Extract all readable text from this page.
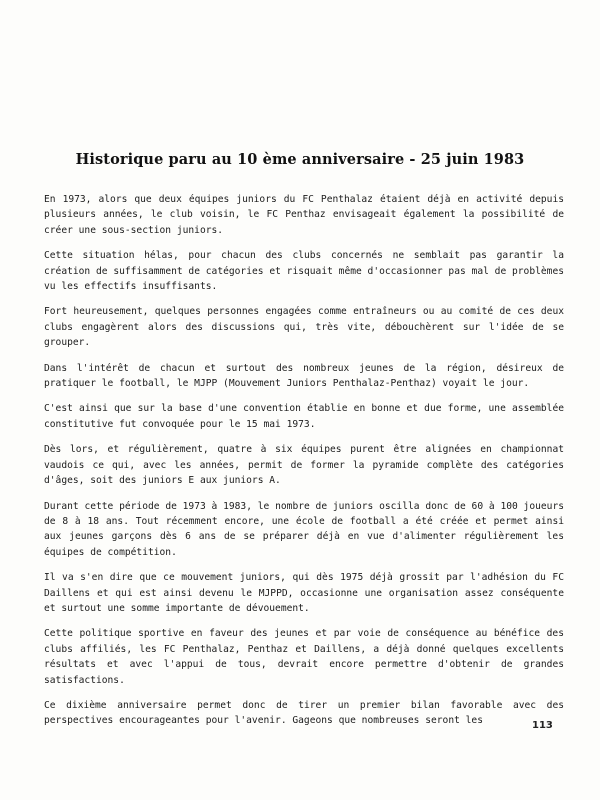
Historique paru au 10 ème anniversaire - 25 juin 1983

En 1973, alors que deux équipes juniors du FC Penthalaz étaient déjà en activité depuis plusieurs années, le club voisin, le FC Penthaz envisageait également la possibilité de créer une sous-section juniors.

Cette situation hélas, pour chacun des clubs concernés ne semblait pas garantir la création de suffisamment de catégories et risquait même d'occasionner pas mal de problèmes vu les effectifs insuffisants.

Fort heureusement, quelques personnes engagées comme entraîneurs ou au comité de ces deux clubs engagèrent alors des discussions qui, très vite, débouchèrent sur l'idée de se grouper.

Dans l'intérêt de chacun et surtout des nombreux jeunes de la région, désireux de pratiquer le football, le MJPP (Mouvement Juniors Penthalaz-Penthaz) voyait le jour.

C'est ainsi que sur la base d'une convention établie en bonne et due forme, une assemblée constitutive fut convoquée pour le 15 mai 1973.

Dès lors, et régulièrement, quatre à six équipes purent être alignées en championnat vaudois ce qui, avec les années, permit de former la pyramide complète des catégories d'âges, soit des juniors E aux juniors A.

Durant cette période de 1973 à 1983, le nombre de juniors oscilla donc de 60 à 100 joueurs de 8 à 18 ans. Tout récemment encore, une école de football a été créée et permet ainsi aux jeunes garçons dès 6 ans de se préparer déjà en vue d'alimenter régulièrement les équipes de compétition.

Il va s'en dire que ce mouvement juniors, qui dès 1975 déjà grossit par l'adhésion du FC Daillens et qui est ainsi devenu le MJPPD, occasionne une organisation assez conséquente et surtout une somme importante de dévouement.

Cette politique sportive en faveur des jeunes et par voie de conséquence au bénéfice des clubs affiliés, les FC Penthalaz, Penthaz et Daillens, a déjà donné quelques excellents résultats et avec l'appui de tous, devrait encore permettre d'obtenir de grandes satisfactions.

Ce dixième anniversaire permet donc de tirer un premier bilan favorable avec des perspectives encourageantes pour l'avenir. Gageons que nombreuses seront les	113
